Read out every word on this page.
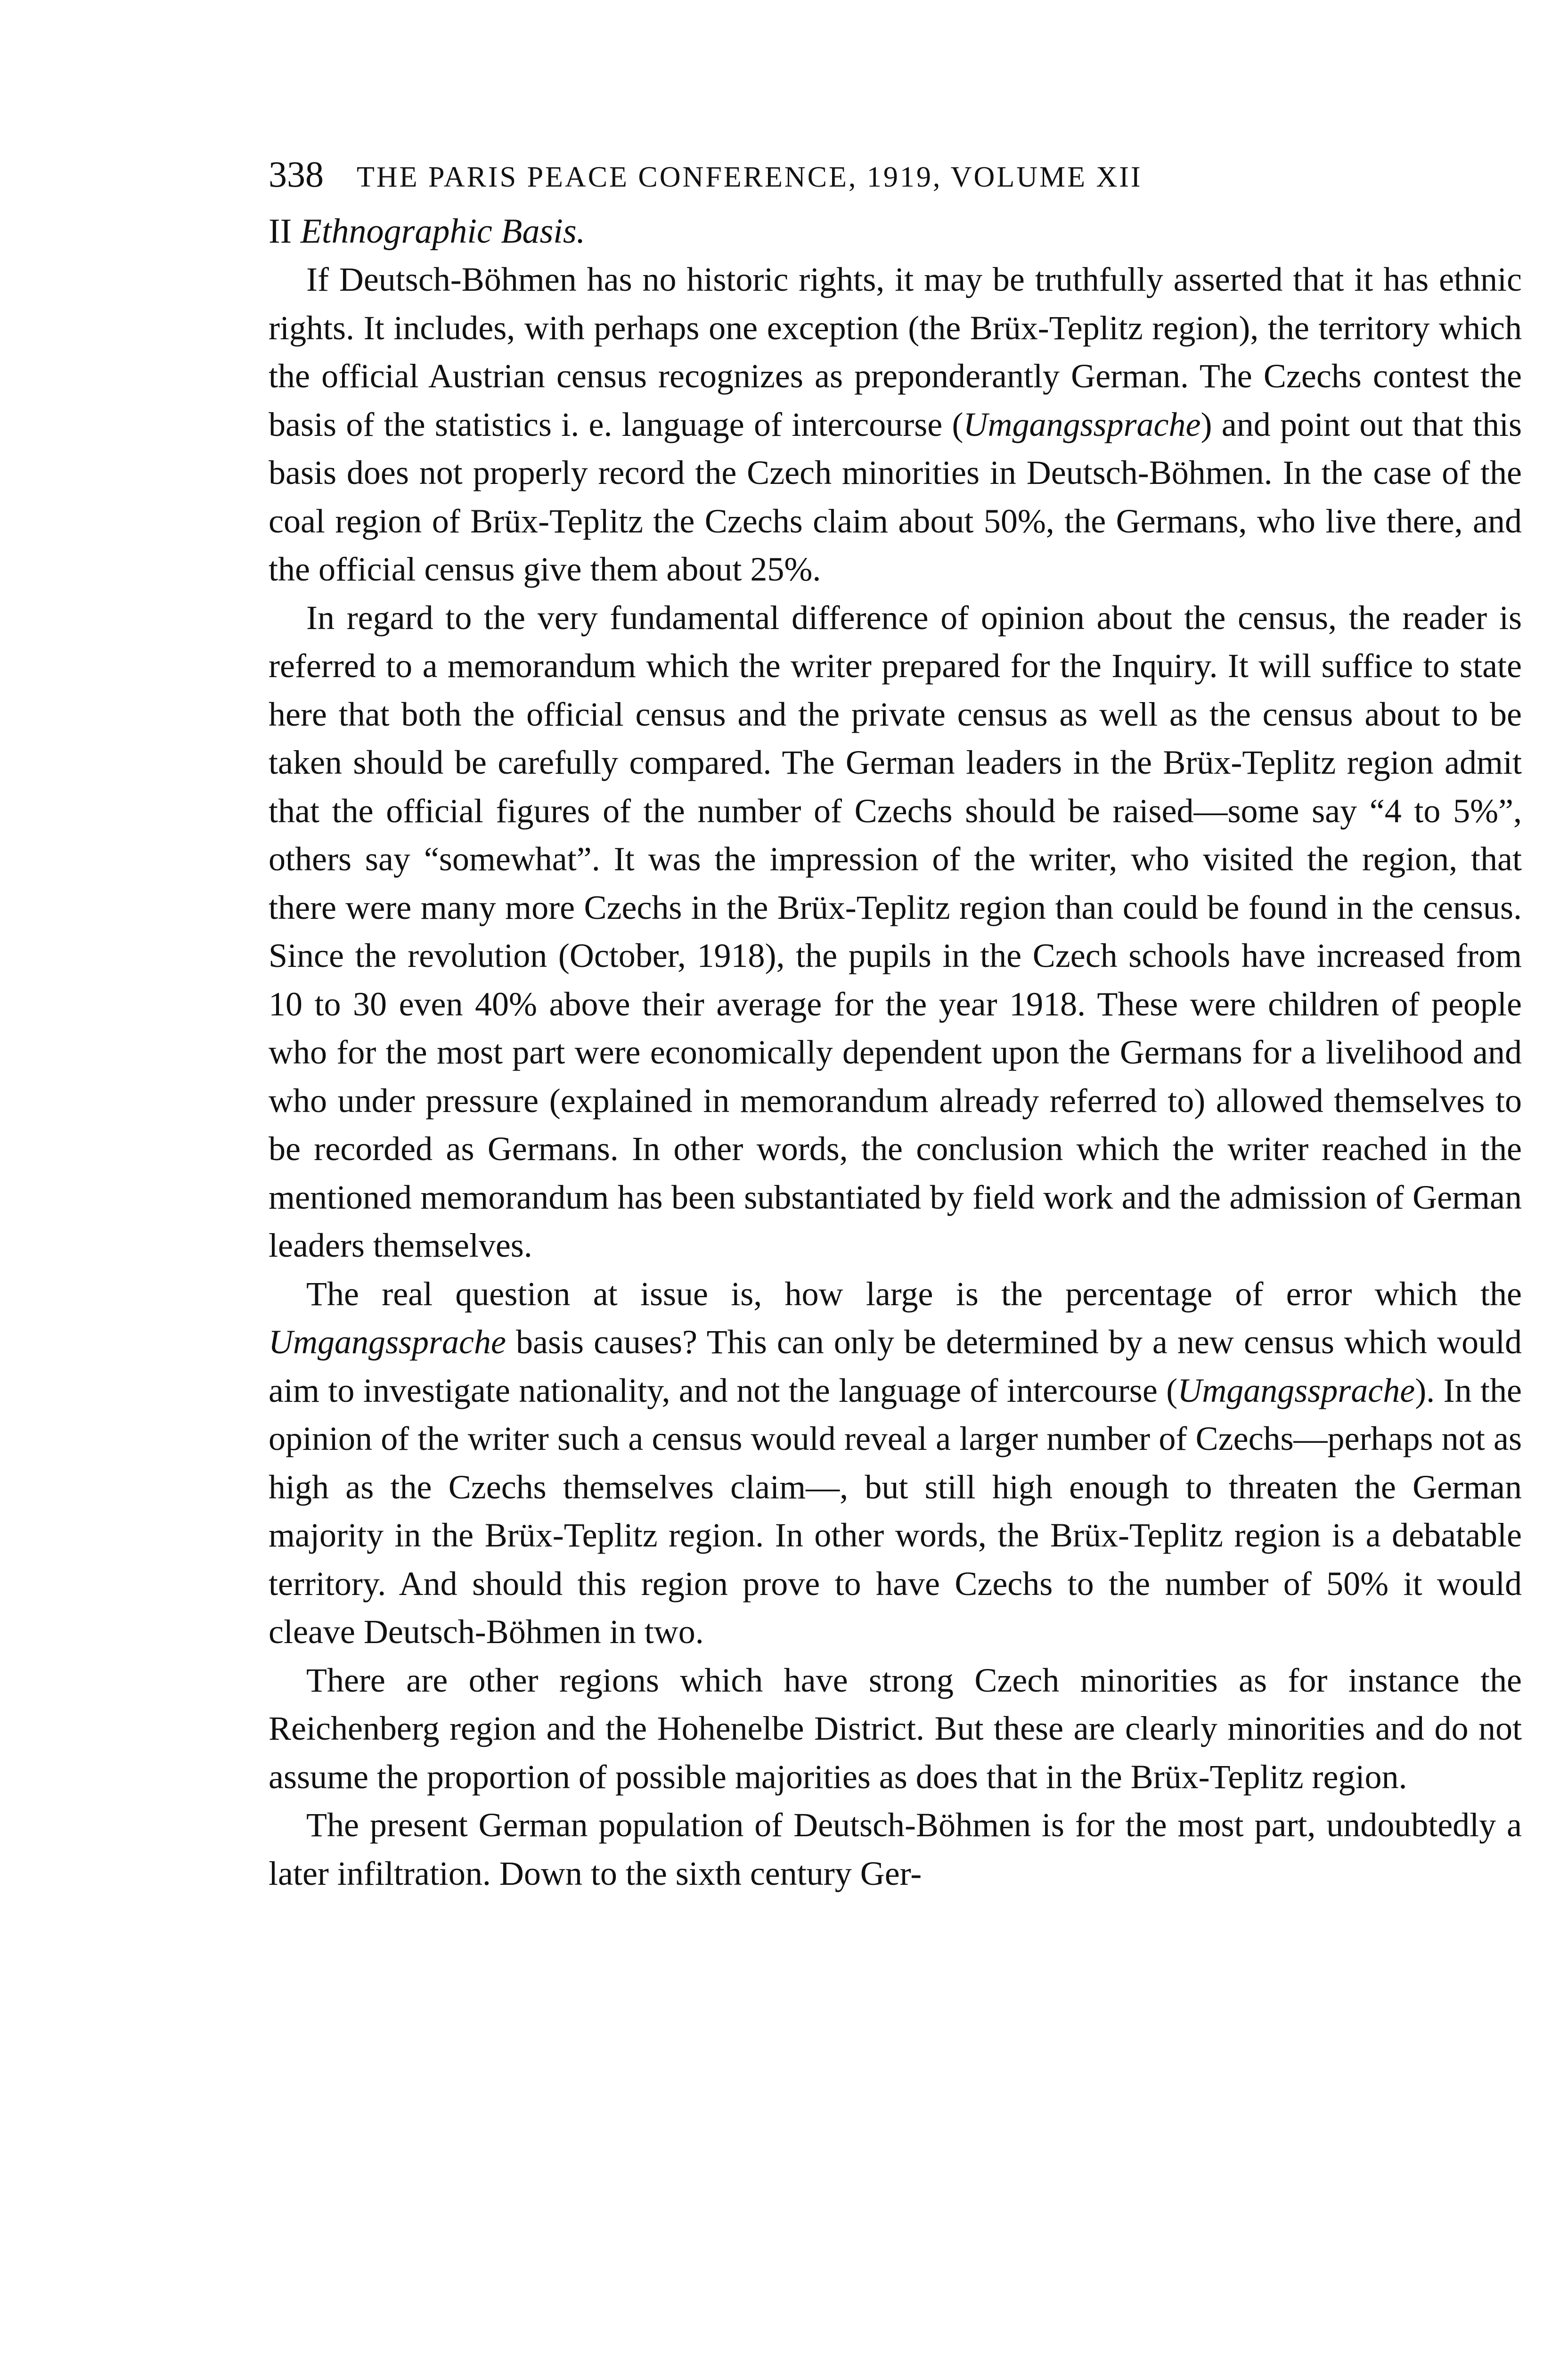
338 THE PARIS PEACE CONFERENCE, 1919, VOLUME XII
II Ethnographic Basis.

If Deutsch-Böhmen has no historic rights, it may be truthfully asserted that it has ethnic rights. It includes, with perhaps one exception (the Brüx-Teplitz region), the territory which the official Austrian census recognizes as preponderantly German. The Czechs contest the basis of the statistics i. e. language of intercourse (Umgangssprache) and point out that this basis does not properly record the Czech minorities in Deutsch-Böhmen. In the case of the coal region of Brüx-Teplitz the Czechs claim about 50%, the Germans, who live there, and the official census give them about 25%.

In regard to the very fundamental difference of opinion about the census, the reader is referred to a memorandum which the writer prepared for the Inquiry. It will suffice to state here that both the official census and the private census as well as the census about to be taken should be carefully compared. The German leaders in the Brüx-Teplitz region admit that the official figures of the number of Czechs should be raised—some say “4 to 5%”, others say “somewhat”. It was the impression of the writer, who visited the region, that there were many more Czechs in the Brüx-Teplitz region than could be found in the census. Since the revolution (October, 1918), the pupils in the Czech schools have increased from 10 to 30 even 40% above their average for the year 1918. These were children of people who for the most part were economically dependent upon the Germans for a livelihood and who under pressure (explained in memorandum already referred to) allowed themselves to be recorded as Germans. In other words, the conclusion which the writer reached in the mentioned memorandum has been substantiated by field work and the admission of German leaders themselves.

The real question at issue is, how large is the percentage of error which the Umgangssprache basis causes? This can only be determined by a new census which would aim to investigate nationality, and not the language of intercourse (Umgangssprache). In the opinion of the writer such a census would reveal a larger number of Czechs—perhaps not as high as the Czechs themselves claim—, but still high enough to threaten the German majority in the Brüx-Teplitz region. In other words, the Brüx-Teplitz region is a debatable territory. And should this region prove to have Czechs to the number of 50% it would cleave Deutsch-Böhmen in two.

There are other regions which have strong Czech minorities as for instance the Reichenberg region and the Hohenelbe District. But these are clearly minorities and do not assume the proportion of possible majorities as does that in the Brüx-Teplitz region.

The present German population of Deutsch-Böhmen is for the most part, undoubtedly a later infiltration. Down to the sixth century Ger-
